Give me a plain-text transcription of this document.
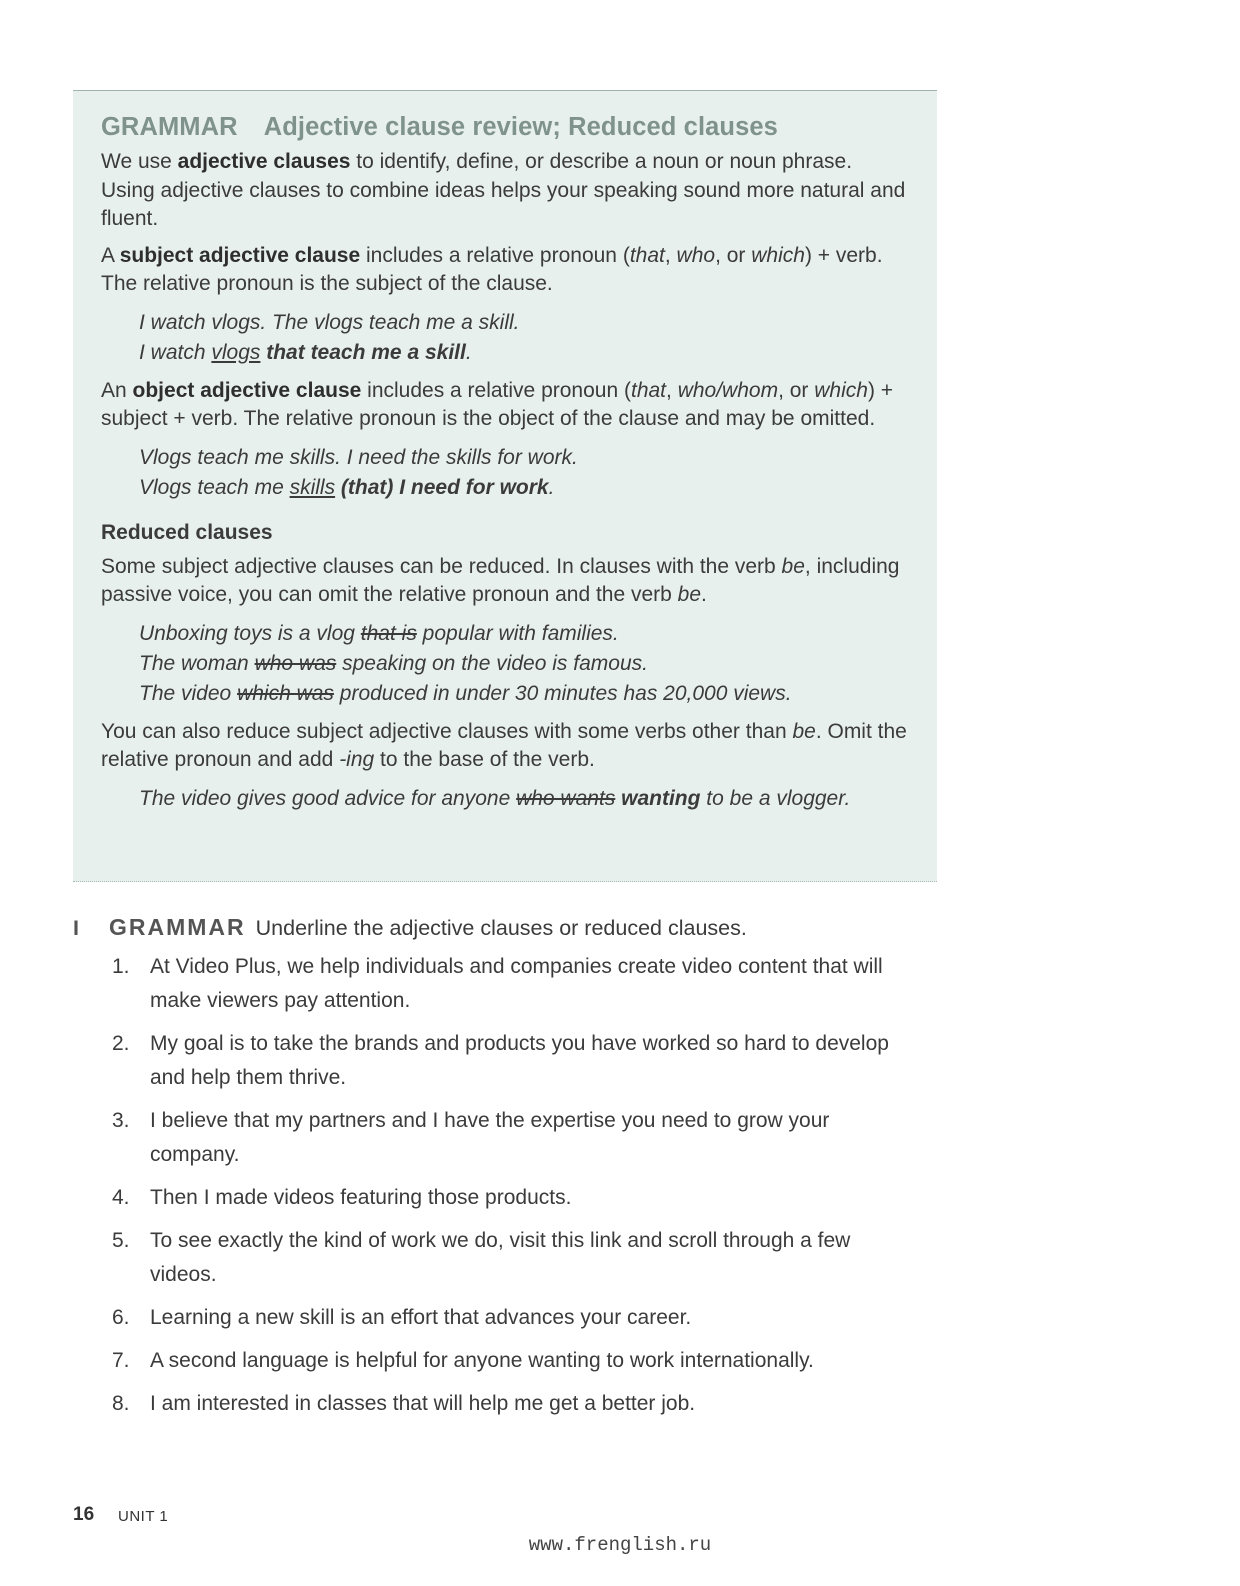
GRAMMAR Adjective clause review; Reduced clauses

We use adjective clauses to identify, define, or describe a noun or noun phrase. Using adjective clauses to combine ideas helps your speaking sound more natural and fluent.

A subject adjective clause includes a relative pronoun (that, who, or which) + verb. The relative pronoun is the subject of the clause.

I watch vlogs. The vlogs teach me a skill.
I watch vlogs that teach me a skill.

An object adjective clause includes a relative pronoun (that, who/whom, or which) + subject + verb. The relative pronoun is the object of the clause and may be omitted.

Vlogs teach me skills. I need the skills for work.
Vlogs teach me skills (that) I need for work.
Reduced clauses

Some subject adjective clauses can be reduced. In clauses with the verb be, including passive voice, you can omit the relative pronoun and the verb be.

Unboxing toys is a vlog that is popular with families.
The woman who was speaking on the video is famous.
The video which was produced in under 30 minutes has 20,000 views.

You can also reduce subject adjective clauses with some verbs other than be. Omit the relative pronoun and add -ing to the base of the verb.

The video gives good advice for anyone who wants wanting to be a vlogger.
I GRAMMAR Underline the adjective clauses or reduced clauses.
1. At Video Plus, we help individuals and companies create video content that will make viewers pay attention.
2. My goal is to take the brands and products you have worked so hard to develop and help them thrive.
3. I believe that my partners and I have the expertise you need to grow your company.
4. Then I made videos featuring those products.
5. To see exactly the kind of work we do, visit this link and scroll through a few videos.
6. Learning a new skill is an effort that advances your career.
7. A second language is helpful for anyone wanting to work internationally.
8. I am interested in classes that will help me get a better job.
16 UNIT 1
www.frenglish.ru
